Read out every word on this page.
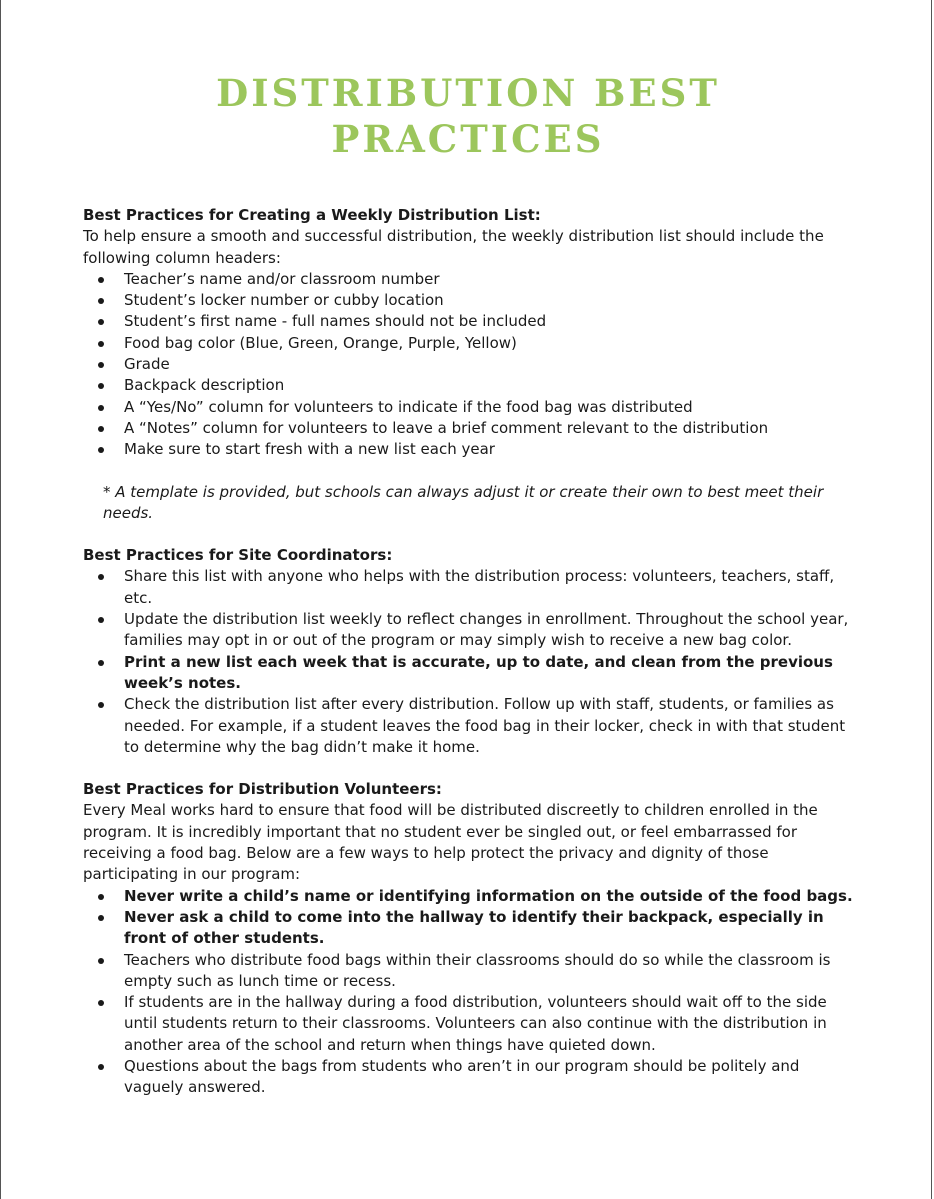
DISTRIBUTION BEST
PRACTICES

Best Practices for Creating a Weekly Distribution List:

To help ensure a smooth and successful distribution, the weekly distribution list should include the following column headers:

Teacher’s name and/or classroom number
Student’s locker number or cubby location
Student’s first name - full names should not be included
Food bag color (Blue, Green, Orange, Purple, Yellow)
Grade
Backpack description
A “Yes/No” column for volunteers to indicate if the food bag was distributed
A “Notes” column for volunteers to leave a brief comment relevant to the distribution
Make sure to start fresh with a new list each year

* A template is provided, but schools can always adjust it or create their own to best meet their needs.

Best Practices for Site Coordinators:

Share this list with anyone who helps with the distribution process: volunteers, teachers, staff, etc.
Update the distribution list weekly to reflect changes in enrollment. Throughout the school year, families may opt in or out of the program or may simply wish to receive a new bag color.
Print a new list each week that is accurate, up to date, and clean from the previous week’s notes.
Check the distribution list after every distribution. Follow up with staff, students, or families as needed. For example, if a student leaves the food bag in their locker, check in with that student to determine why the bag didn’t make it home.

Best Practices for Distribution Volunteers:

Every Meal works hard to ensure that food will be distributed discreetly to children enrolled in the program. It is incredibly important that no student ever be singled out, or feel embarrassed for receiving a food bag. Below are a few ways to help protect the privacy and dignity of those participating in our program:

Never write a child’s name or identifying information on the outside of the food bags.
Never ask a child to come into the hallway to identify their backpack, especially in front of other students.
Teachers who distribute food bags within their classrooms should do so while the classroom is empty such as lunch time or recess.
If students are in the hallway during a food distribution, volunteers should wait off to the side until students return to their classrooms. Volunteers can also continue with the distribution in another area of the school and return when things have quieted down.
Questions about the bags from students who aren’t in our program should be politely and vaguely answered.
